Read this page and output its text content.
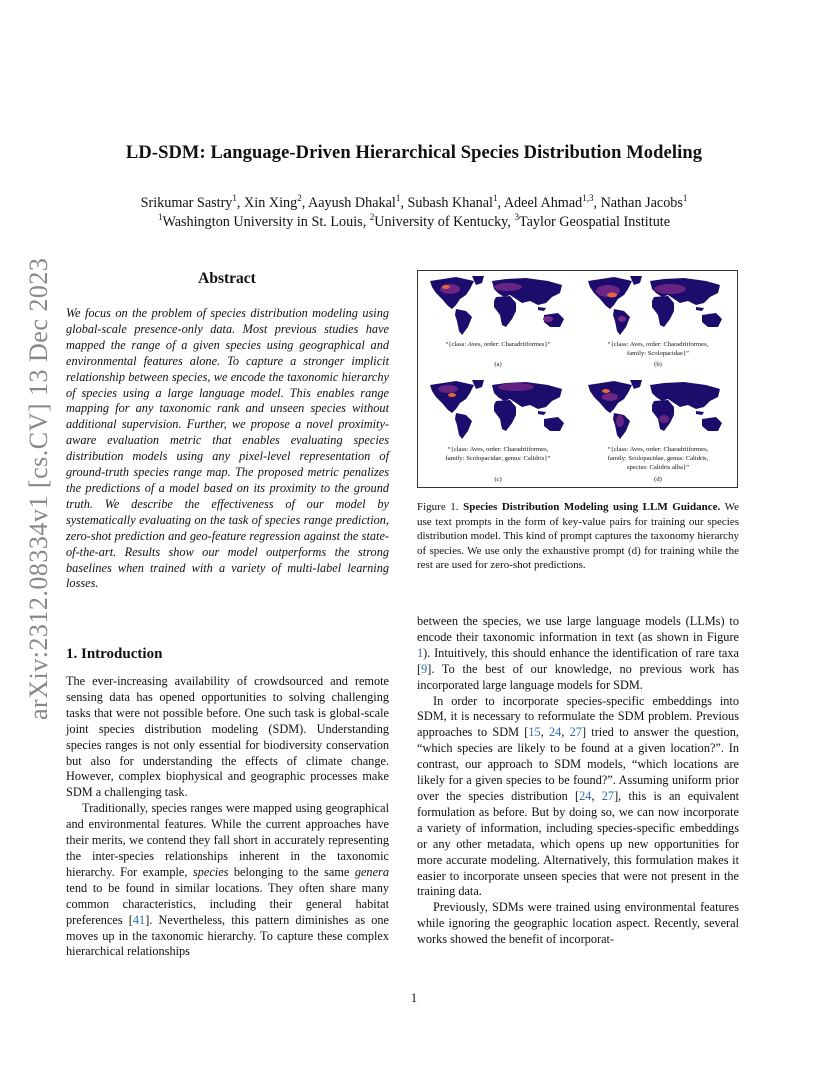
LD-SDM: Language-Driven Hierarchical Species Distribution Modeling
Srikumar Sastry$^1$, Xin Xing$^2$, Aayush Dhakal$^1$, Subash Khanal$^1$, Adeel Ahmad$^{1,3}$, Nathan Jacobs$^1$
$^1$Washington University in St. Louis, $^2$University of Kentucky, $^3$Taylor Geospatial Institute
arXiv:2312.08334v1 [cs.CV] 13 Dec 2023	Abstract
We focus on the problem of species distribution modeling using global-scale presence-only data. Most previous studies have mapped the range of a given species using geographical and environmental features alone. To capture a stronger implicit relationship between species, we encode the taxonomic hierarchy of species using a large language model. This enables range mapping for any taxonomic rank and unseen species without additional supervision. Further, we propose a novel proximity-aware evaluation metric that enables evaluating species distribution models using any pixel-level representation of ground-truth species range map. The proposed metric penalizes the predictions of a model based on its proximity to the ground truth. We describe the effectiveness of our model by systematically evaluating on the task of species range prediction, zero-shot prediction and geo-feature regression against the state-of-the-art. Results show our model outperforms the strong baselines when trained with a variety of multi-label learning losses.
1. Introduction

The ever-increasing availability of crowdsourced and remote sensing data has opened opportunities to solving challenging tasks that were not possible before. One such task is global-scale joint species distribution modeling (SDM). Understanding species ranges is not only essential for biodiversity conservation but also for understanding the effects of climate change. However, complex biophysical and geographic processes make SDM a challenging task.

Traditionally, species ranges were mapped using geographical and environmental features. While the current approaches have their merits, we contend they fall short in accurately representing the inter-species relationships inherent in the taxonomic hierarchy. For example, species belonging to the same genera tend to be found in similar locations. They often share many common characteristics, including their general habitat preferences [41]. Nevertheless, this pattern diminishes as one moves up in the taxonomic hierarchy. To capture these complex hierarchical relationships

between the species, we use large language models (LLMs) to encode their taxonomic information in text (as shown in Figure 1). Intuitively, this should enhance the identification of rare taxa [9]. To the best of our knowledge, no previous work has incorporated large language models for SDM.

In order to incorporate species-specific embeddings into SDM, it is necessary to reformulate the SDM problem. Previous approaches to SDM [15, 24, 27] tried to answer the question, “which species are likely to be found at a given location?”. In contrast, our approach to SDM models, “which locations are likely for a given species to be found?”. Assuming uniform prior over the species distribution [24, 27], this is an equivalent formulation as before. But by doing so, we can now incorporate a variety of information, including species-specific embeddings or any other metadata, which opens up new opportunities for more accurate modeling. Alternatively, this formulation makes it easier to incorporate unseen species that were not present in the training data.

Previously, SDMs were trained using environmental features while ignoring the geographic location aspect. Recently, several works showed the benefit of incorporat-

“{class: Aves, order: Charadriiformes}”
(a)
“{class: Aves, order: Charadriiformes,
family: Scolopacidae}”
(b)
“{class: Aves, order: Charadriiformes,
family: Scolopacidae, genus: Calidris}”
(c)
“{class: Aves, order: Charadriiformes,
family: Scolopacidae, genus: Calidris,
species: Calidris alba}”
(d)
Figure 1. Species Distribution Modeling using LLM Guidance. We use text prompts in the form of key-value pairs for training our species distribution model. This kind of prompt captures the taxonomy hierarchy of species. We use only the exhaustive prompt (d) for training while the rest are used for zero-shot predictions.
1
